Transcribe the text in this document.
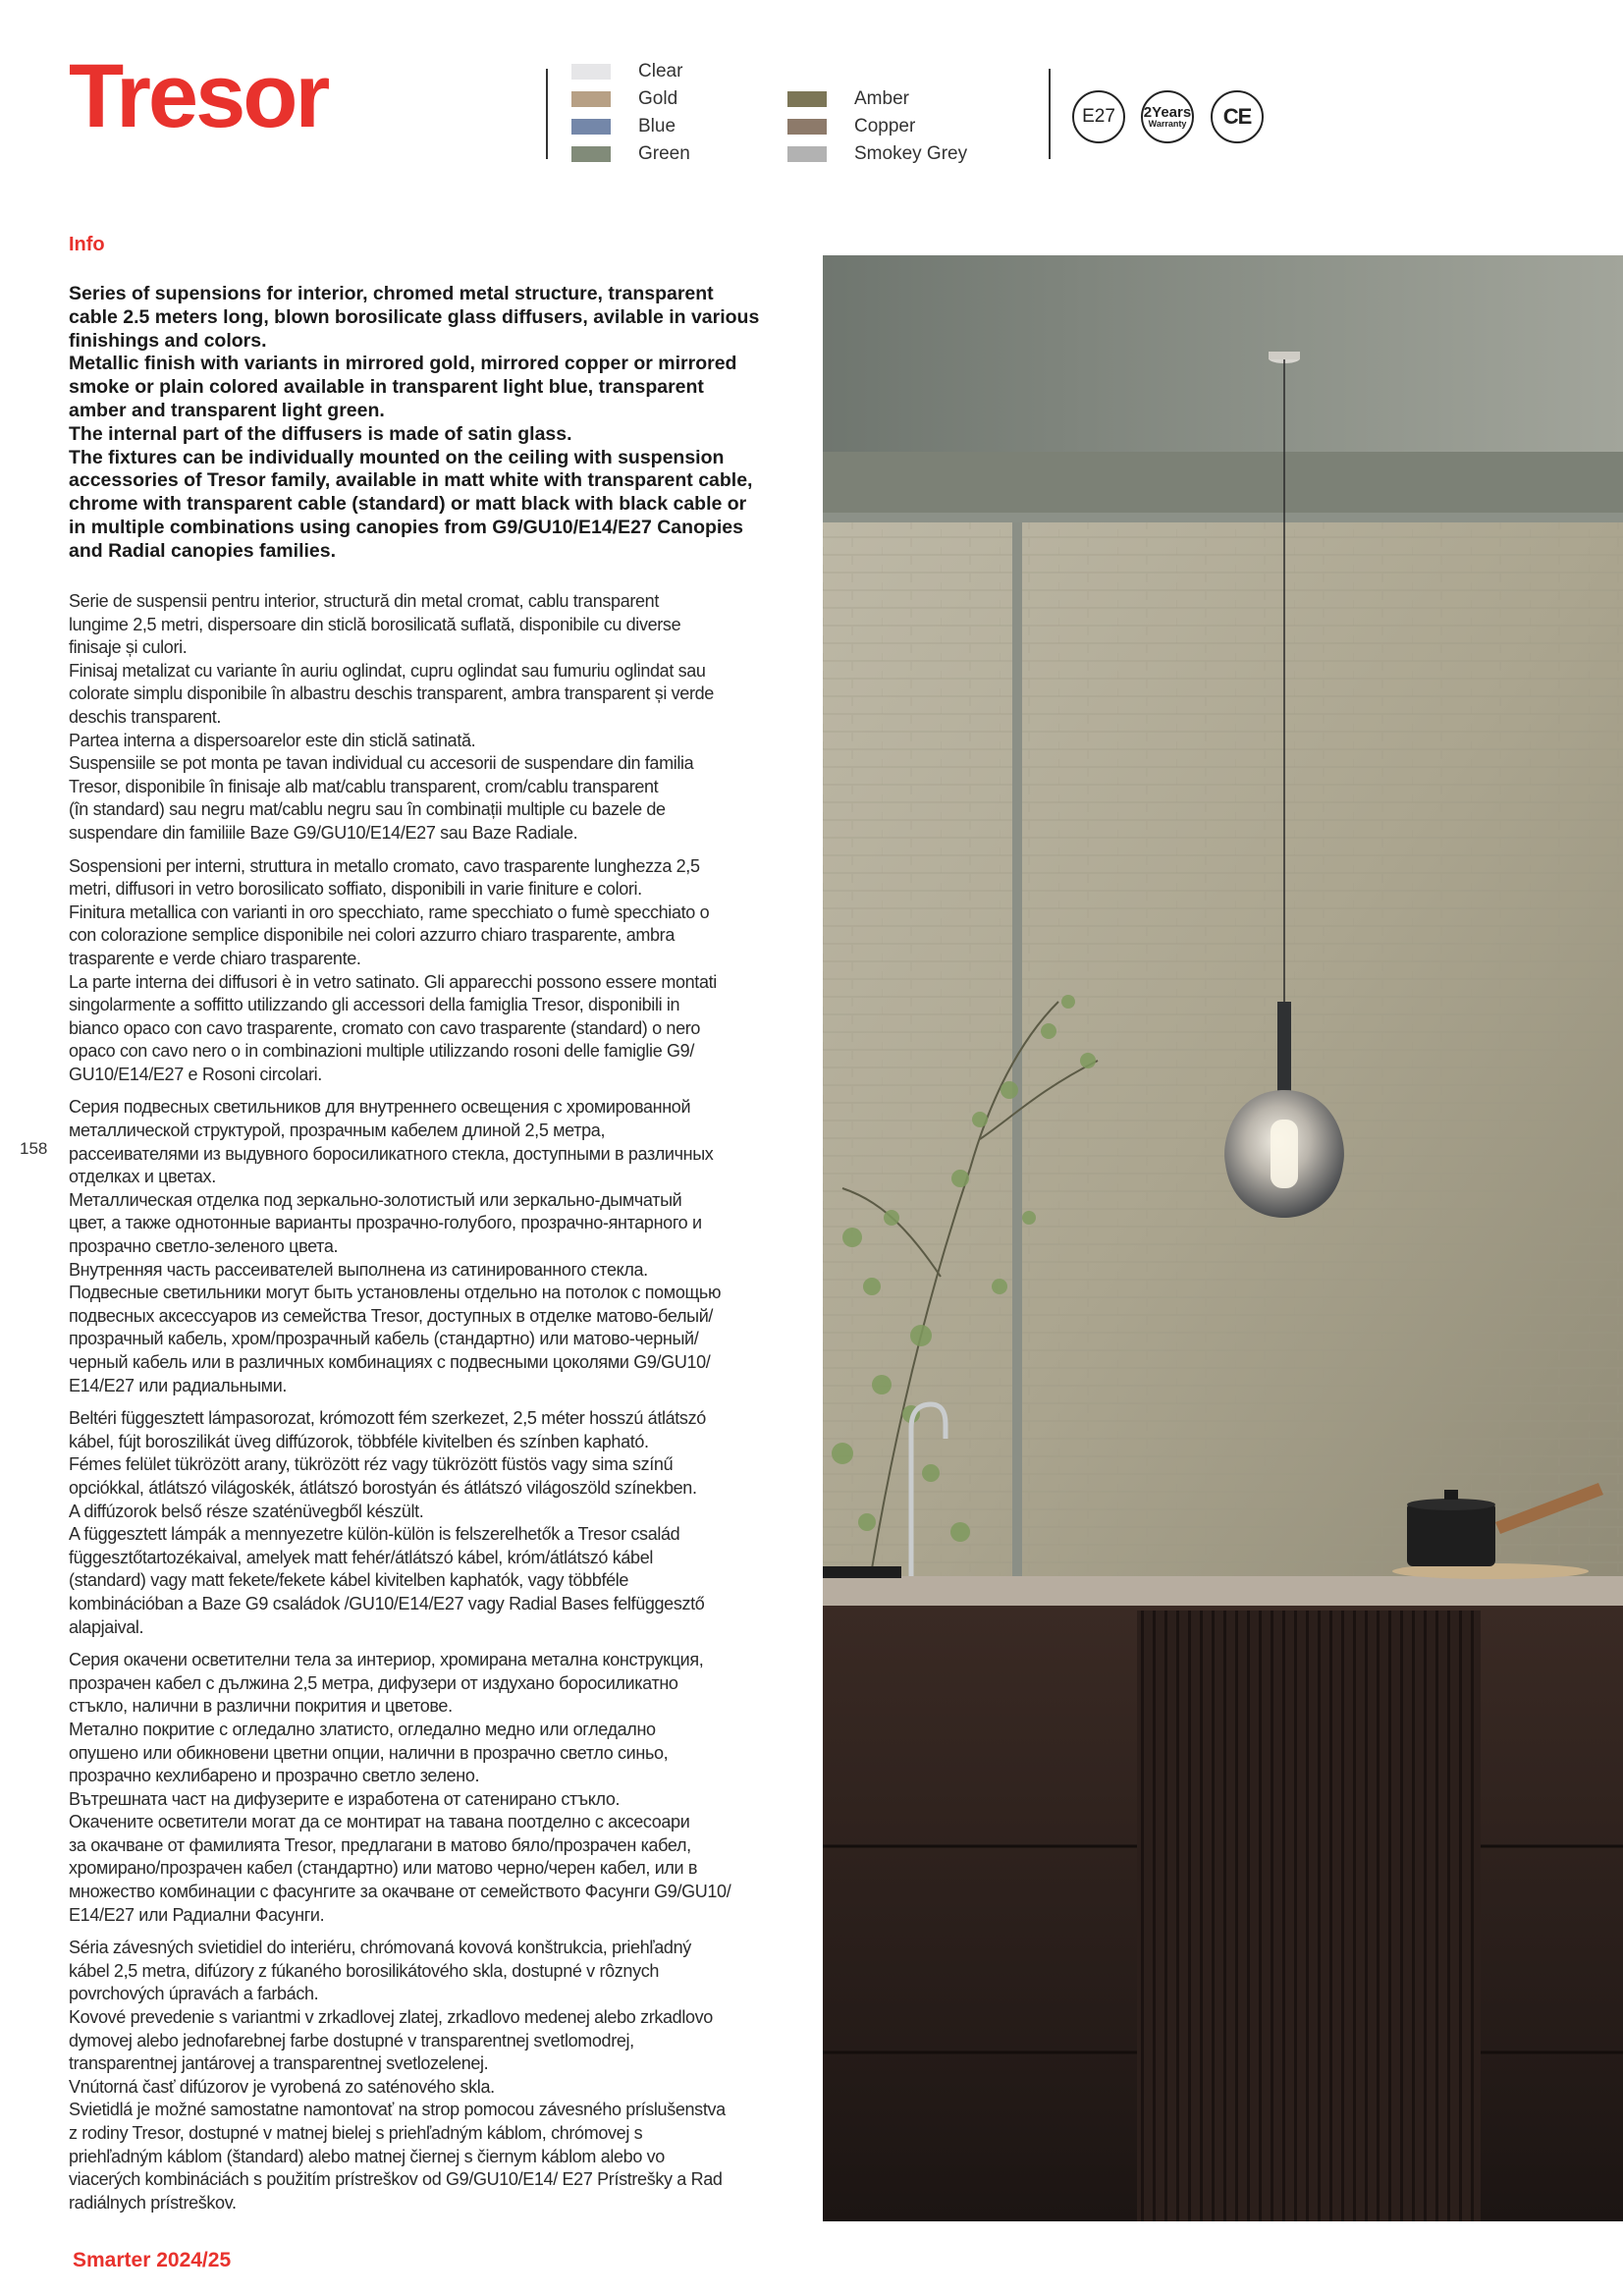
Tresor	Clear
Gold
Blue
Green
Amber
Copper
Smokey Grey
E27 2Years
Warranty CE
Info
Series of supensions for interior, chromed metal structure, transparent
cable 2.5 meters long, blown borosilicate glass diffusers, avilable in various
finishings and colors.
Metallic finish with variants in mirrored gold, mirrored copper or mirrored
smoke or plain colored available in transparent light blue, transparent
amber and transparent light green.
The internal part of the diffusers is made of satin glass.
The fixtures can be individually mounted on the ceiling with suspension
accessories of Tresor family, available in matt white with transparent cable,
chrome with transparent cable (standard) or matt black with black cable or
in multiple combinations using canopies from G9/GU10/E14/E27 Canopies
and Radial canopies families.

Serie de suspensii pentru interior, structură din metal cromat, cablu transparent
lungime 2,5 metri, dispersoare din sticlă borosilicată suflată, disponibile cu diverse
finisaje și culori.
Finisaj metalizat cu variante în auriu oglindat, cupru oglindat sau fumuriu oglindat sau
colorate simplu disponibile în albastru deschis transparent, ambra transparent și verde
deschis transparent.
Partea interna a dispersoarelor este din sticlă satinată.
Suspensiile se pot monta pe tavan individual cu accesorii de suspendare din familia
Tresor, disponibile în finisaje alb mat/cablu transparent, crom/cablu transparent
(în standard) sau negru mat/cablu negru sau în combinații multiple cu bazele de
suspendare din familiile Baze G9/GU10/E14/E27 sau Baze Radiale.

Sospensioni per interni, struttura in metallo cromato, cavo trasparente lunghezza 2,5
metri, diffusori in vetro borosilicato soffiato, disponibili in varie finiture e colori.
Finitura metallica con varianti in oro specchiato, rame specchiato o fumè specchiato o
con colorazione semplice disponibile nei colori azzurro chiaro trasparente, ambra
trasparente e verde chiaro trasparente.
La parte interna dei diffusori è in vetro satinato. Gli apparecchi possono essere montati
singolarmente a soffitto utilizzando gli accessori della famiglia Tresor, disponibili in
bianco opaco con cavo trasparente, cromato con cavo trasparente (standard) o nero
opaco con cavo nero o in combinazioni multiple utilizzando rosoni delle famiglie G9/
GU10/E14/E27 e Rosoni circolari.

Серия подвесных светильников для внутреннего освещения с хромированной
металлической структурой, прозрачным кабелем длиной 2,5 метра,
рассеивателями из выдувного боросиликатного стекла, доступными в различных
отделках и цветах.
Металлическая отделка под зеркально-золотистый или зеркально-дымчатый
цвет, а также однотонные варианты прозрачно-голубого, прозрачно-янтарного и
прозрачно светло-зеленого цвета.
Внутренняя часть рассеивателей выполнена из сатинированного стекла.
Подвесные светильники могут быть установлены отдельно на потолок с помощью
подвесных аксессуаров из семейства Tresor, доступных в отделке матово-белый/
прозрачный кабель, хром/прозрачный кабель (стандартно) или матово-черный/
черный кабель или в различных комбинациях с подвесными цоколями G9/GU10/
E14/E27 или радиальными.

Beltéri függesztett lámpasorozat, krómozott fém szerkezet, 2,5 méter hosszú átlátszó
kábel, fújt boroszilikát üveg diffúzorok, többféle kivitelben és színben kapható.
Fémes felület tükrözött arany, tükrözött réz vagy tükrözött füstös vagy sima színű
opciókkal, átlátszó világoskék, átlátszó borostyán és átlátszó világoszöld színekben.
A diffúzorok belső része szaténüvegből készült.
A függesztett lámpák a mennyezetre külön-külön is felszerelhetők a Tresor család
függesztőtartozékaival, amelyek matt fehér/átlátszó kábel, króm/átlátszó kábel
(standard) vagy matt fekete/fekete kábel kivitelben kaphatók, vagy többféle
kombinációban a Baze G9 családok /GU10/E14/E27 vagy Radial Bases felfüggesztő
alapjaival.

Серия окачени осветителни тела за интериор, хромирана метална конструкция,
прозрачен кабел с дължина 2,5 метра, дифузери от издухано боросиликатно
стъкло, налични в различни покрития и цветове.
Метално покритие с огледално златисто, огледално медно или огледално
опушено или обикновени цветни опции, налични в прозрачно светло синьо,
прозрачно кехлибарено и прозрачно светло зелено.
Вътрешната част на дифузерите е изработена от сатенирано стъкло.
Окачените осветители могат да се монтират на тавана поотделно с аксесоари
за окачване от фамилията Tresor, предлагани в матово бяло/прозрачен кабел,
хромирано/прозрачен кабел (стандартно) или матово черно/черен кабел, или в
множество комбинации с фасунгите за окачване от семейството Фасунги G9/GU10/
E14/E27 или Радиални Фасунги.

Séria závesných svietidiel do interiéru, chrómovaná kovová konštrukcia, priehľadný
kábel 2,5 metra, difúzory z fúkaného borosilikátového skla, dostupné v rôznych
povrchových úpravách a farbách.
Kovové prevedenie s variantmi v zrkadlovej zlatej, zrkadlovo medenej alebo zrkadlovo
dymovej alebo jednofarebnej farbe dostupné v transparentnej svetlomodrej,
transparentnej jantárovej a transparentnej svetlozelenej.
Vnútorná časť difúzorov je vyrobená zo saténového skla.
Svietidlá je možné samostatne namontovať na strop pomocou závesného príslušenstva
z rodiny Tresor, dostupné v matnej bielej s priehľadným káblom, chrómovej s
priehľadným káblom (štandard) alebo matnej čiernej s čiernym káblom alebo vo
viacerých kombináciách s použitím prístreškov od G9/GU10/E14/ E27 Prístrešky a Rad
radiálnych prístreškov.

158
Smarter 2024/25
